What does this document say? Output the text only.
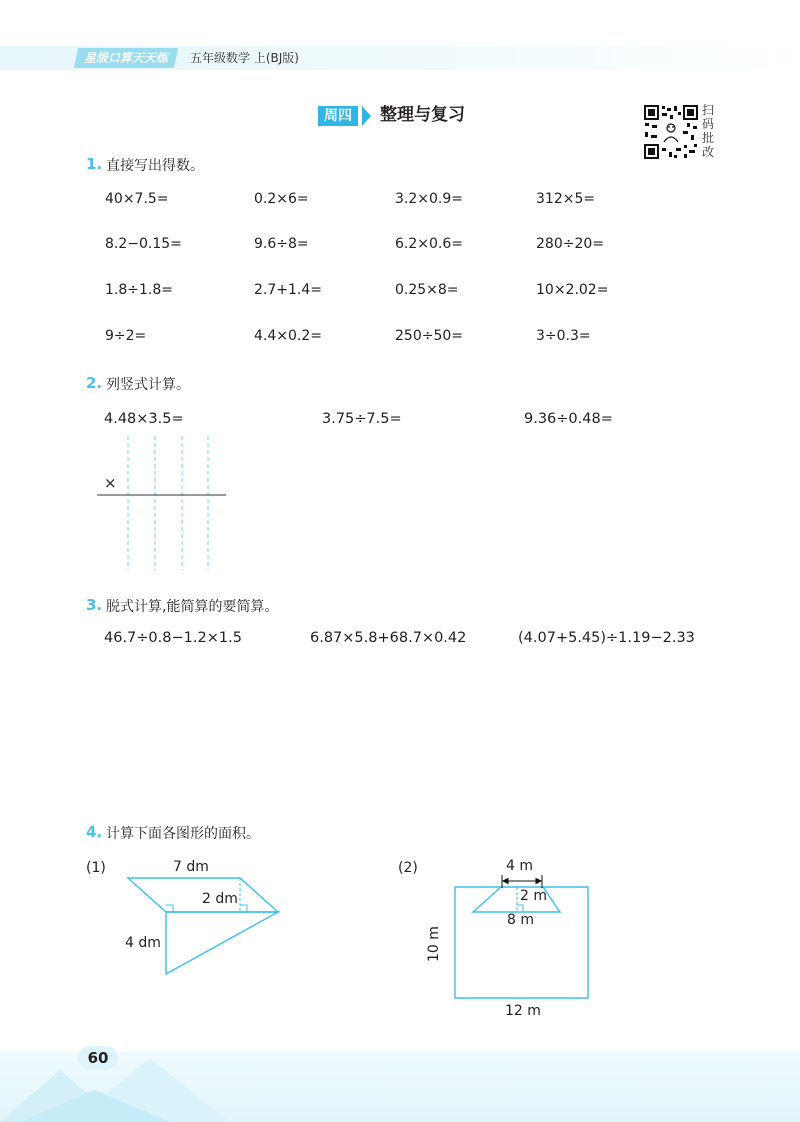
星级口算天天练	五年级数学 上(BJ版)
周四	整理与复习	扫
码
批
改
1. 直接写出得数。
40×7.5=	0.2×6=	3.2×0.9=	312×5=
8.2−0.15=	9.6÷8=	6.2×0.6=	280÷20=
1.8÷1.8=	2.7+1.4=	0.25×8=	10×2.02=
9÷2=	4.4×0.2=	250÷50=	3÷0.3=
2. 列竖式计算。
4.48×3.5=	3.75÷7.5=	9.36÷0.48=
×
3. 脱式计算,能简算的要简算。
46.7÷0.8−1.2×1.5	6.87×5.8+68.7×0.42	(4.07+5.45)÷1.19−2.33
4. 计算下面各图形的面积。
(1)	7 dm
2 dm
4 dm
(2)	4 m
2 m
8 m
10 m
12 m
60
